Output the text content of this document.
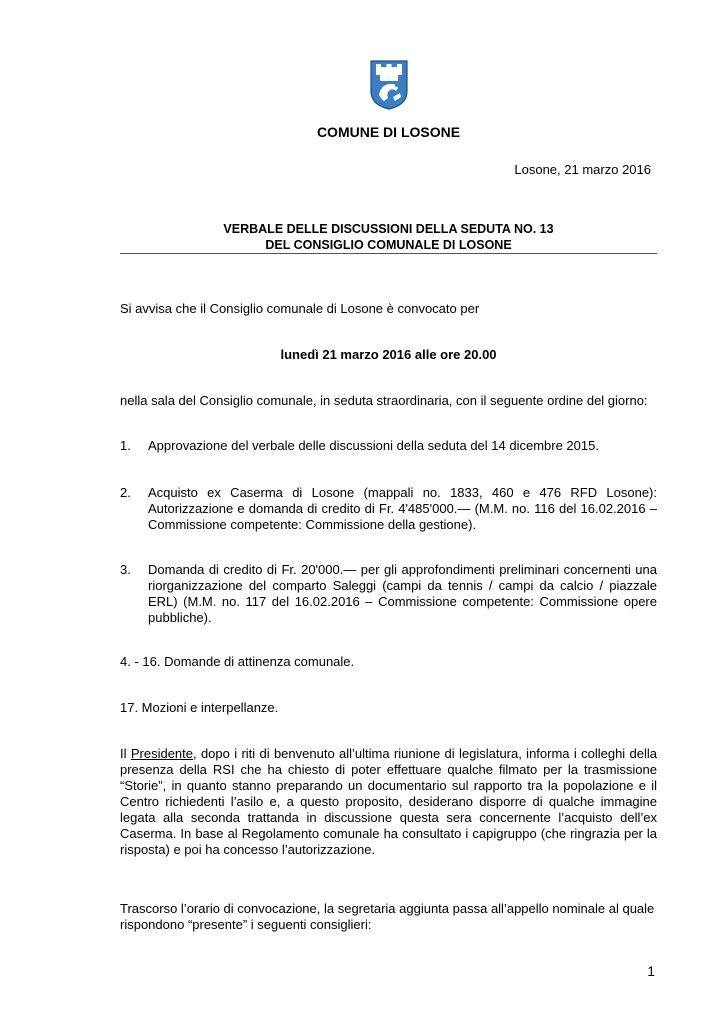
COMUNE DI LOSONE
Losone, 21 marzo 2016
VERBALE DELLE DISCUSSIONI DELLA SEDUTA NO. 13
DEL CONSIGLIO COMUNALE DI LOSONE
Si avvisa che il Consiglio comunale di Losone è convocato per
lunedì 21 marzo 2016 alle ore 20.00
nella sala del Consiglio comunale, in seduta straordinaria, con il seguente ordine del giorno:
1. Approvazione del verbale delle discussioni della seduta del 14 dicembre 2015.
2. Acquisto ex Caserma di Losone (mappali no. 1833, 460 e 476 RFD Losone): Autorizzazione e domanda di credito di Fr. 4'485'000.— (M.M. no. 116 del 16.02.2016 – Commissione competente: Commissione della gestione).
3. Domanda di credito di Fr. 20'000.— per gli approfondimenti preliminari concernenti una riorganizzazione del comparto Saleggi (campi da tennis / campi da calcio / piazzale ERL) (M.M. no. 117 del 16.02.2016 – Commissione competente: Commissione opere pubbliche).
4. - 16. Domande di attinenza comunale.
17. Mozioni e interpellanze.
Il Presidente, dopo i riti di benvenuto all’ultima riunione di legislatura, informa i colleghi della presenza della RSI che ha chiesto di poter effettuare qualche filmato per la trasmissione “Storie”, in quanto stanno preparando un documentario sul rapporto tra la popolazione e il Centro richiedenti l’asilo e, a questo proposito, desiderano disporre di qualche immagine legata alla seconda trattanda in discussione questa sera concernente l’acquisto dell’ex Caserma. In base al Regolamento comunale ha consultato i capigruppo (che ringrazia per la risposta) e poi ha concesso l’autorizzazione.
Trascorso l’orario di convocazione, la segretaria aggiunta passa all’appello nominale al quale rispondono “presente” i seguenti consiglieri:
1
